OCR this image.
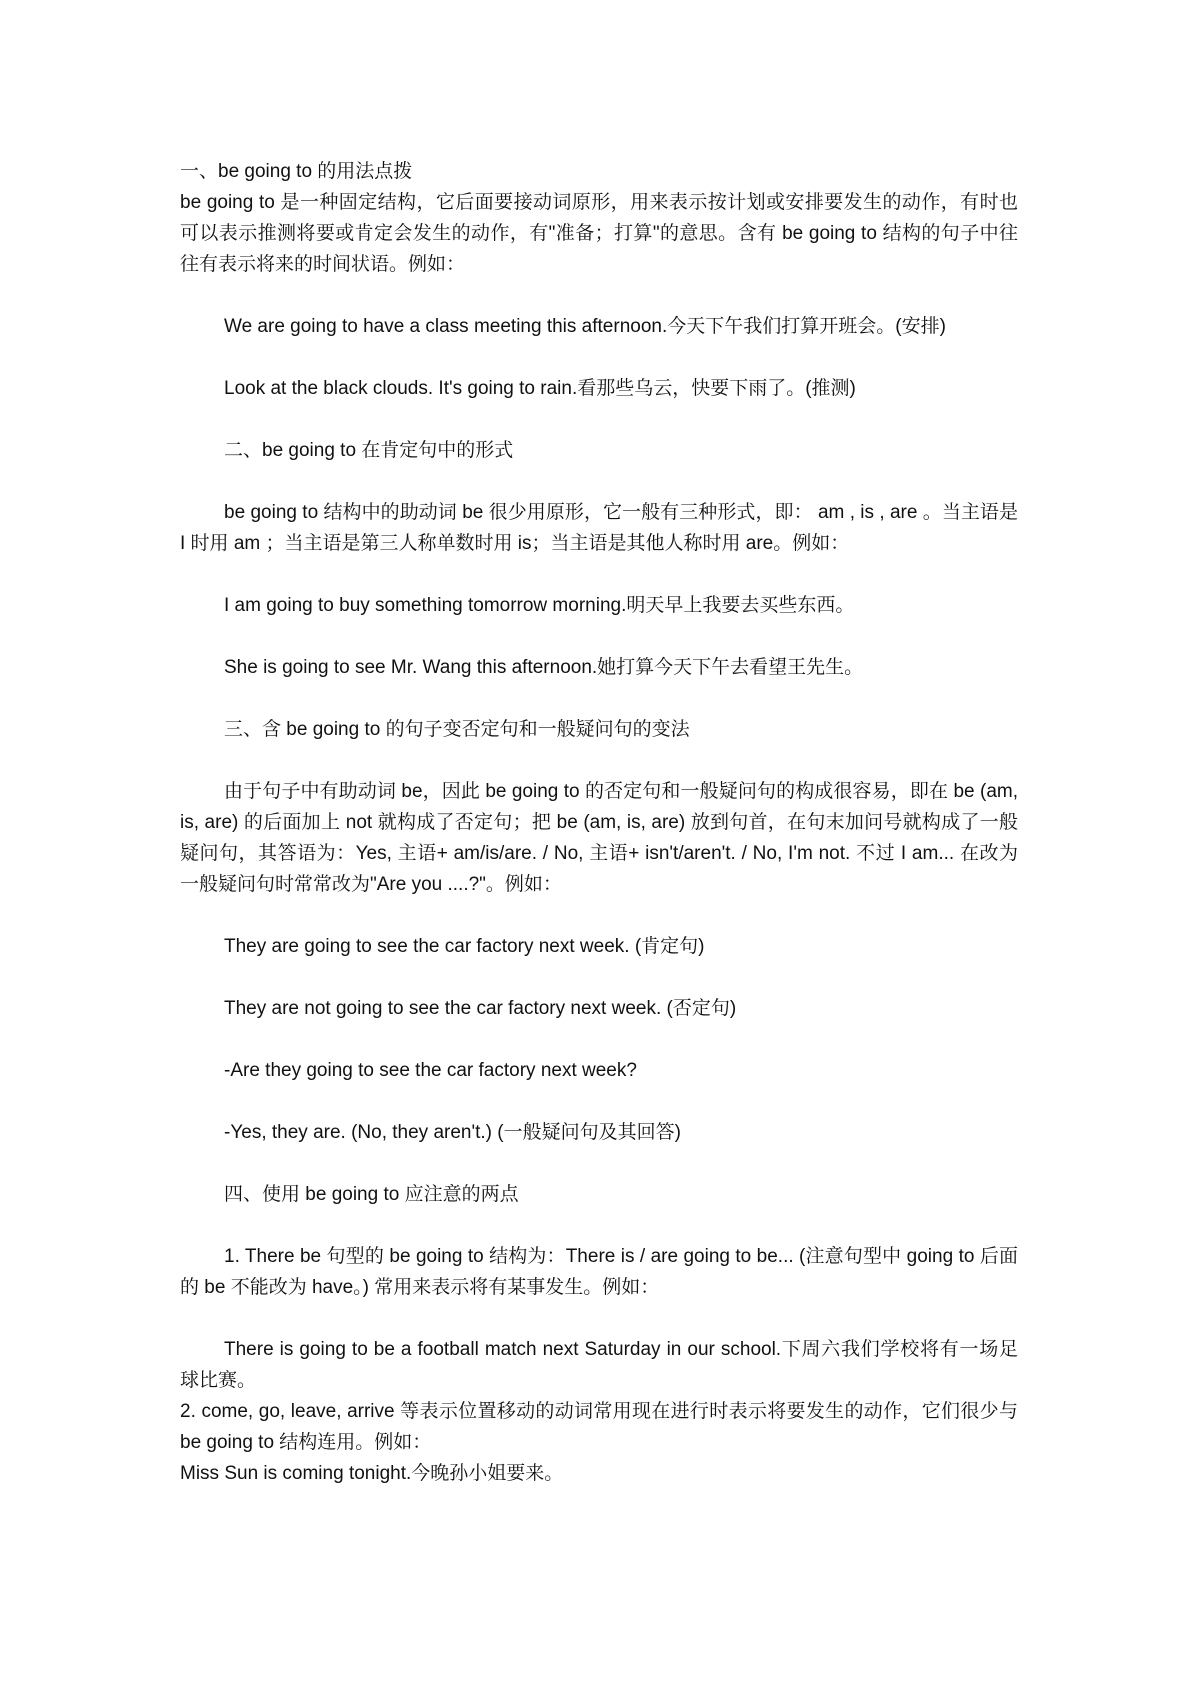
一、be going to 的用法点拨

be going to 是一种固定结构，它后面要接动词原形，用来表示按计划或安排要发生的动作，有时也可以表示推测将要或肯定会发生的动作，有"准备；打算"的意思。含有 be going to 结构的句子中往往有表示将来的时间状语。例如：

We are going to have a class meeting this afternoon.今天下午我们打算开班会。(安排)

Look at the black clouds. It's going to rain.看那些乌云，快要下雨了。(推测)

二、be going to 在肯定句中的形式

be going to 结构中的助动词 be 很少用原形，它一般有三种形式，即： am , is , are 。当主语是 I 时用 am ；当主语是第三人称单数时用 is；当主语是其他人称时用 are。例如：

I am going to buy something tomorrow morning.明天早上我要去买些东西。

She is going to see Mr. Wang this afternoon.她打算今天下午去看望王先生。

三、含 be going to 的句子变否定句和一般疑问句的变法

由于句子中有助动词 be，因此 be going to 的否定句和一般疑问句的构成很容易，即在 be (am, is, are) 的后面加上 not 就构成了否定句；把 be (am, is, are) 放到句首，在句末加问号就构成了一般疑问句，其答语为：Yes, 主语+ am/is/are. / No, 主语+ isn't/aren't. / No, I'm not. 不过 I am... 在改为一般疑问句时常常改为"Are you ....?"。例如：

They are going to see the car factory next week. (肯定句)

They are not going to see the car factory next week. (否定句)

-Are they going to see the car factory next week?

-Yes, they are. (No, they aren't.) (一般疑问句及其回答)

四、使用 be going to 应注意的两点

1. There be 句型的 be going to 结构为：There is / are going to be... (注意句型中 going to 后面的 be 不能改为 have。) 常用来表示将有某事发生。例如：

There is going to be a football match next Saturday in our school.下周六我们学校将有一场足球比赛。

2. come, go, leave, arrive 等表示位置移动的动词常用现在进行时表示将要发生的动作，它们很少与 be going to 结构连用。例如：

Miss Sun is coming tonight.今晚孙小姐要来。
